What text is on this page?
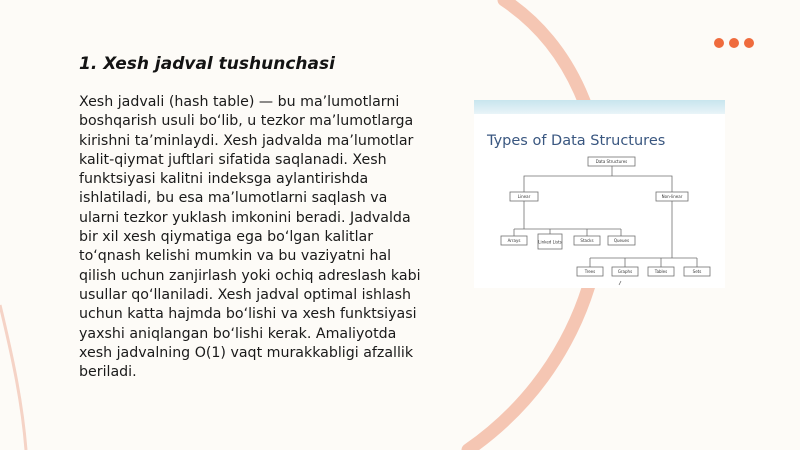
1. Xesh jadval tushunchasi

Xesh jadvali (hash table) — bu ma’lumotlarni boshqarish usuli bo‘lib, u tezkor ma’lumotlarga kirishni ta’minlaydi. Xesh jadvalda ma’lumotlar kalit-qiymat juftlari sifatida saqlanadi. Xesh funktsiyasi kalitni indeksga aylantirishda ishlatiladi, bu esa ma’lumotlarni saqlash va ularni tezkor yuklash imkonini beradi. Jadvalda bir xil xesh qiymatiga ega bo‘lgan kalitlar to‘qnash kelishi mumkin va bu vaziyatni hal qilish uchun zanjirlash yoki ochiq adreslash kabi usullar qo‘llaniladi. Xesh jadval optimal ishlash uchun katta hajmda bo‘lishi va xesh funktsiyasi yaxshi aniqlangan bo‘lishi kerak. Amaliyotda xesh jadvalning O(1) vaqt murakkabligi afzallik beriladi.

Types of Data Structures
Data Structures
Linear	Non-linear
Arrays	Linked Lists	Stacks	Queues
Trees	Graphs	Tables	Sets
